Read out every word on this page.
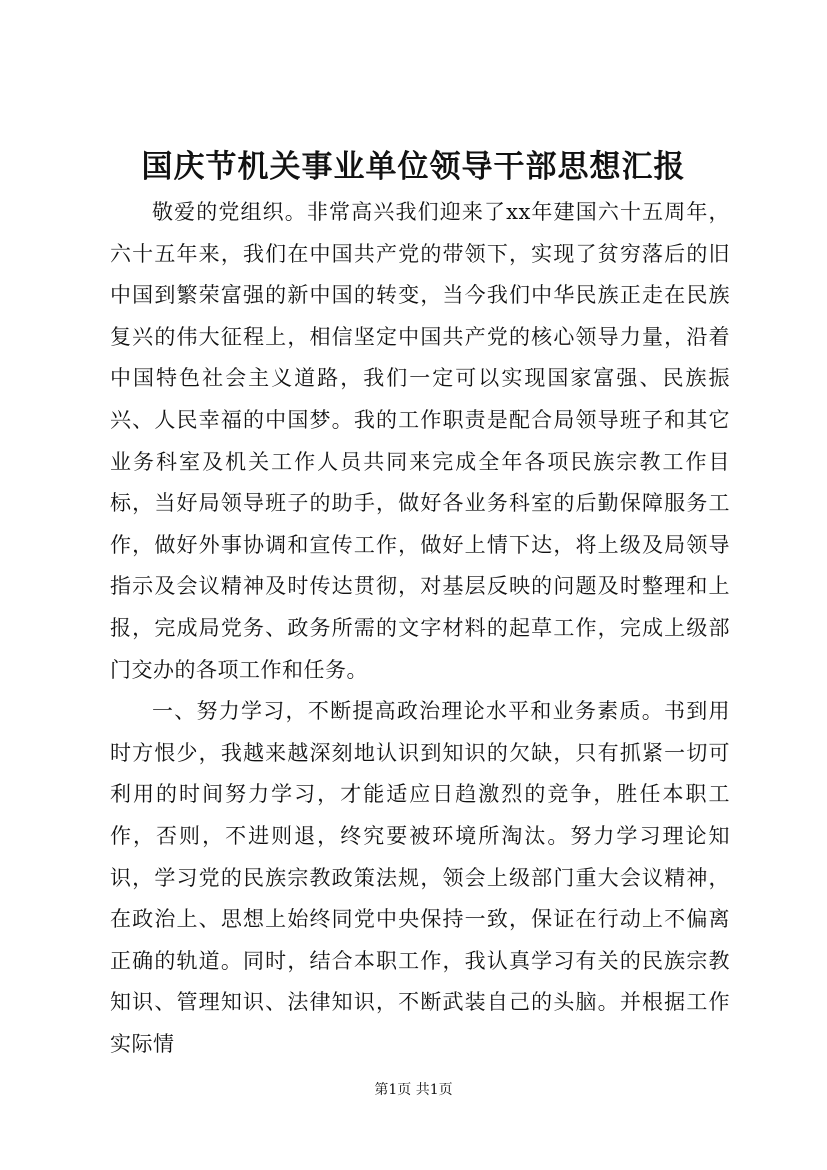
国庆节机关事业单位领导干部思想汇报

敬爱的党组织。非常高兴我们迎来了xx年建国六十五周年，六十五年来，我们在中国共产党的带领下，实现了贫穷落后的旧中国到繁荣富强的新中国的转变，当今我们中华民族正走在民族复兴的伟大征程上，相信坚定中国共产党的核心领导力量，沿着中国特色社会主义道路，我们一定可以实现国家富强、民族振兴、人民幸福的中国梦。我的工作职责是配合局领导班子和其它业务科室及机关工作人员共同来完成全年各项民族宗教工作目标，当好局领导班子的助手，做好各业务科室的后勤保障服务工作，做好外事协调和宣传工作，做好上情下达，将上级及局领导指示及会议精神及时传达贯彻，对基层反映的问题及时整理和上报，完成局党务、政务所需的文字材料的起草工作，完成上级部门交办的各项工作和任务。

一、努力学习，不断提高政治理论水平和业务素质。书到用时方恨少，我越来越深刻地认识到知识的欠缺，只有抓紧一切可利用的时间努力学习，才能适应日趋激烈的竞争，胜任本职工作，否则，不进则退，终究要被环境所淘汰。努力学习理论知识，学习党的民族宗教政策法规，领会上级部门重大会议精神，在政治上、思想上始终同党中央保持一致，保证在行动上不偏离正确的轨道。同时，结合本职工作，我认真学习有关的民族宗教知识、管理知识、法律知识，不断武装自己的头脑。并根据工作实际情

第1页 共1页
